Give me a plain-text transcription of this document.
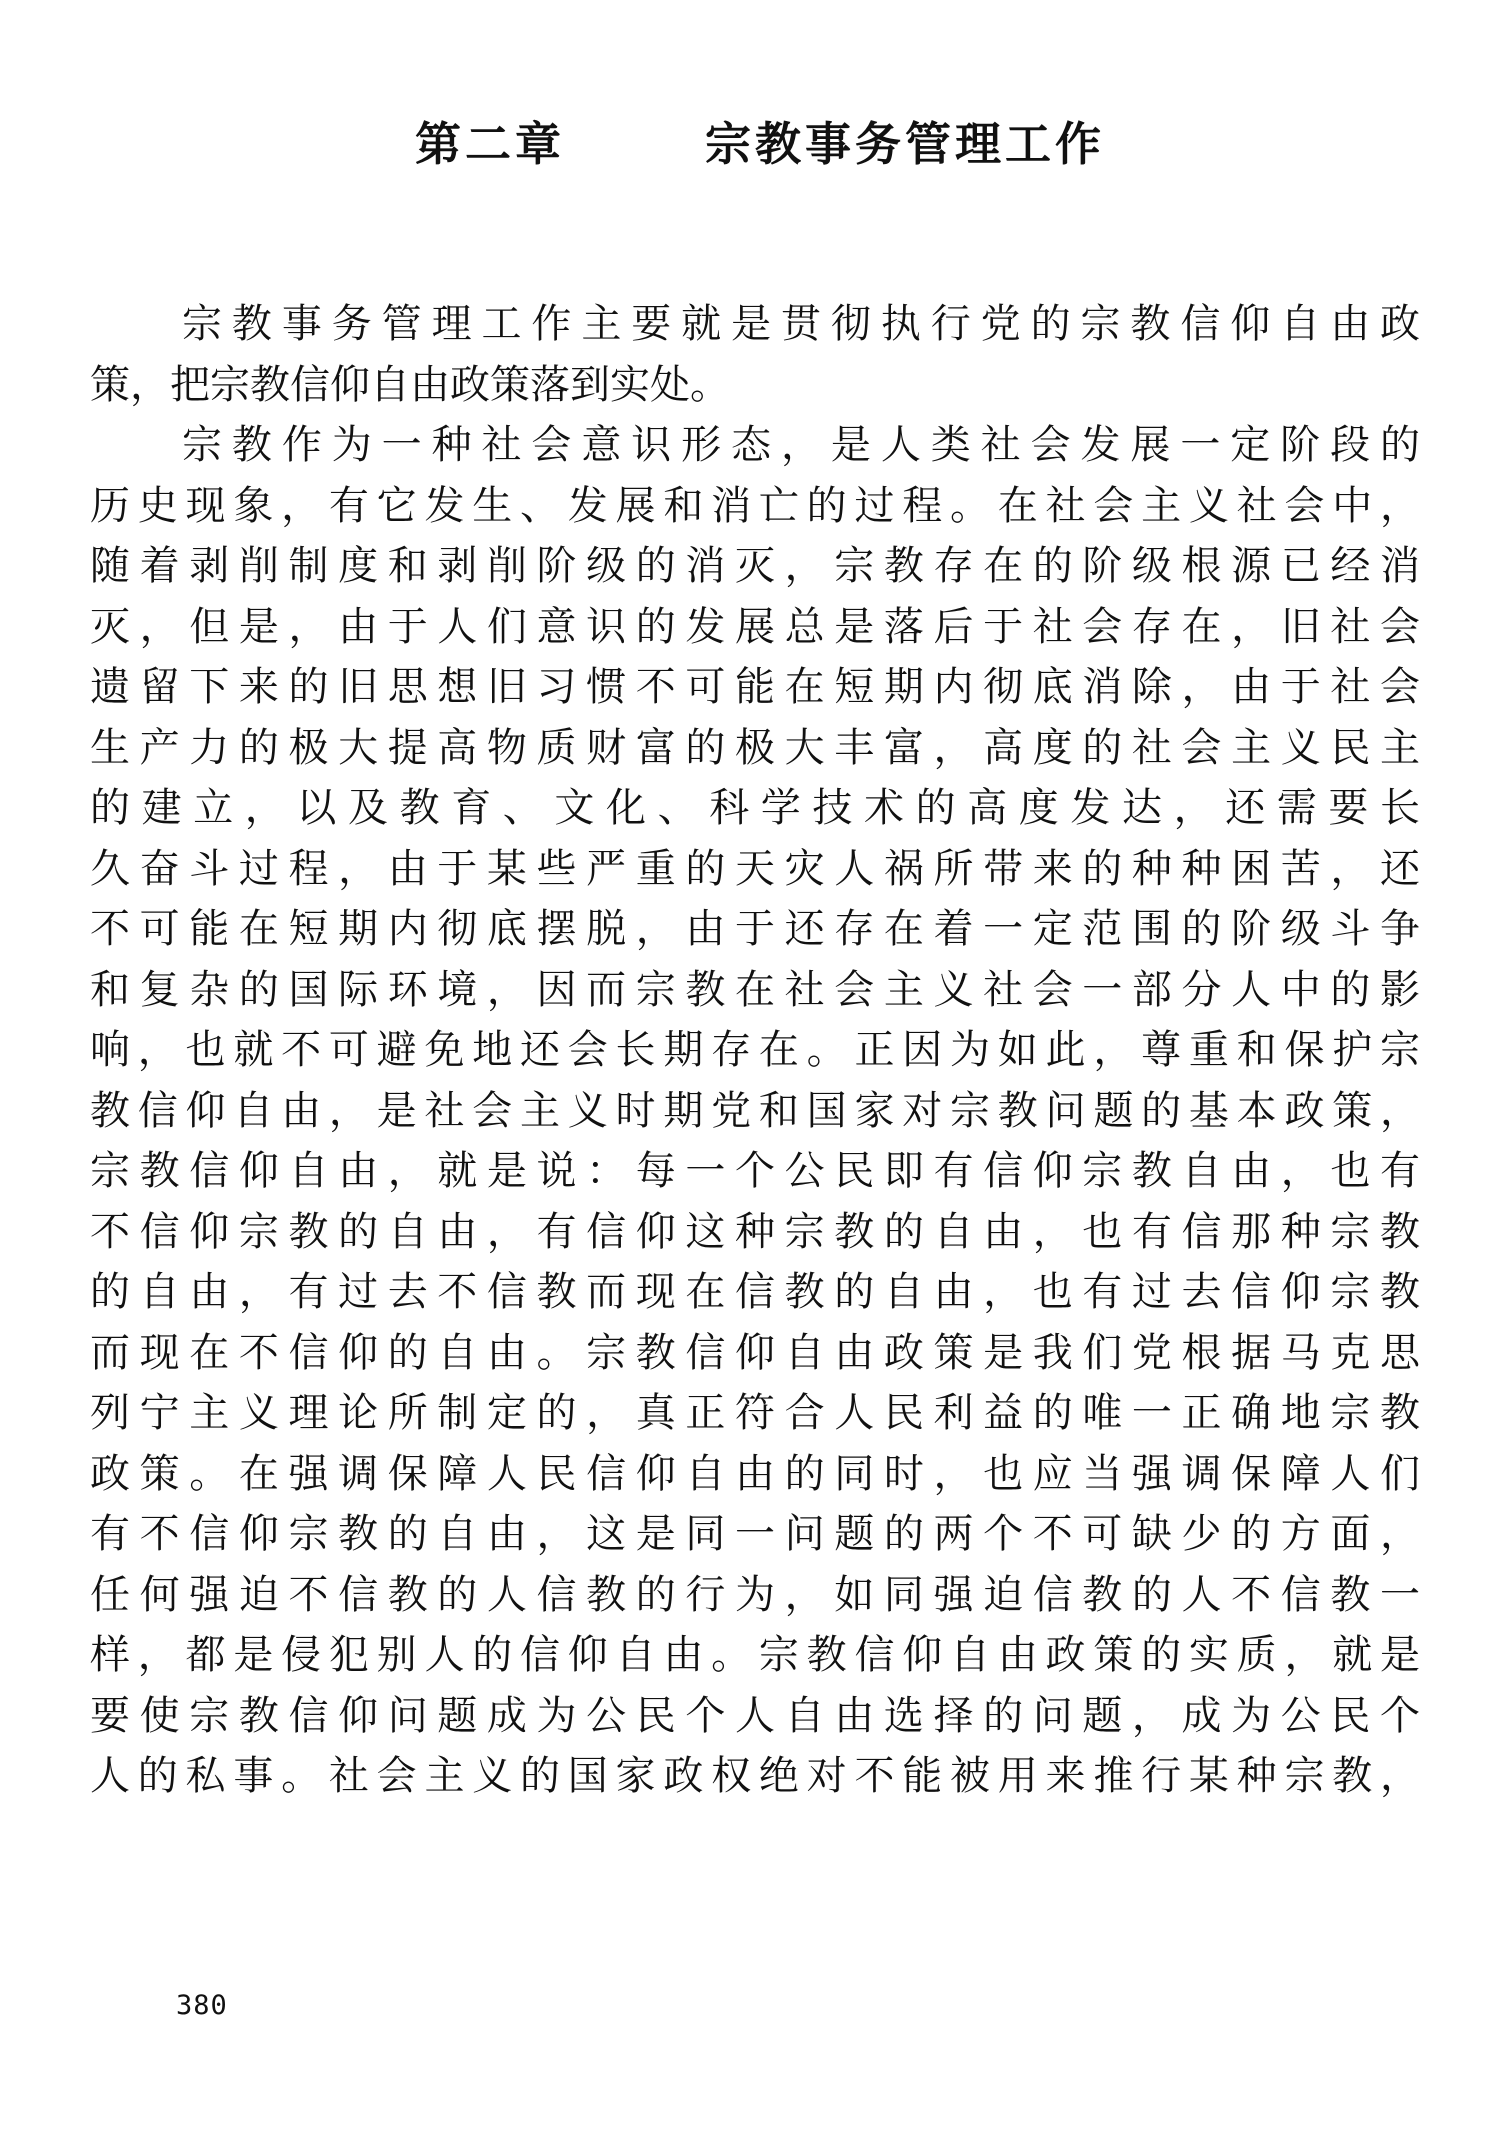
第二章	宗教事务管理工作
宗教事务管理工作主要就是贯彻执行党的宗教信仰自由政
策，把宗教信仰自由政策落到实处。
宗教作为一种社会意识形态，是人类社会发展一定阶段的
历史现象，有它发生、发展和消亡的过程。在社会主义社会中，
随着剥削制度和剥削阶级的消灭，宗教存在的阶级根源已经消
灭，但是，由于人们意识的发展总是落后于社会存在，旧社会
遗留下来的旧思想旧习惯不可能在短期内彻底消除，由于社会
生产力的极大提高物质财富的极大丰富，高度的社会主义民主
的建立，以及教育、文化、科学技术的高度发达，还需要长
久奋斗过程，由于某些严重的天灾人祸所带来的种种困苦，还
不可能在短期内彻底摆脱，由于还存在着一定范围的阶级斗争
和复杂的国际环境，因而宗教在社会主义社会一部分人中的影
响，也就不可避免地还会长期存在。正因为如此，尊重和保护宗
教信仰自由，是社会主义时期党和国家对宗教问题的基本政策，
宗教信仰自由，就是说：每一个公民即有信仰宗教自由，也有
不信仰宗教的自由，有信仰这种宗教的自由，也有信那种宗教
的自由，有过去不信教而现在信教的自由，也有过去信仰宗教
而现在不信仰的自由。宗教信仰自由政策是我们党根据马克思
列宁主义理论所制定的，真正符合人民利益的唯一正确地宗教
政策。在强调保障人民信仰自由的同时，也应当强调保障人们
有不信仰宗教的自由，这是同一问题的两个不可缺少的方面，
任何强迫不信教的人信教的行为，如同强迫信教的人不信教一
样，都是侵犯别人的信仰自由。宗教信仰自由政策的实质，就是
要使宗教信仰问题成为公民个人自由选择的问题，成为公民个
人的私事。社会主义的国家政权绝对不能被用来推行某种宗教，
380
